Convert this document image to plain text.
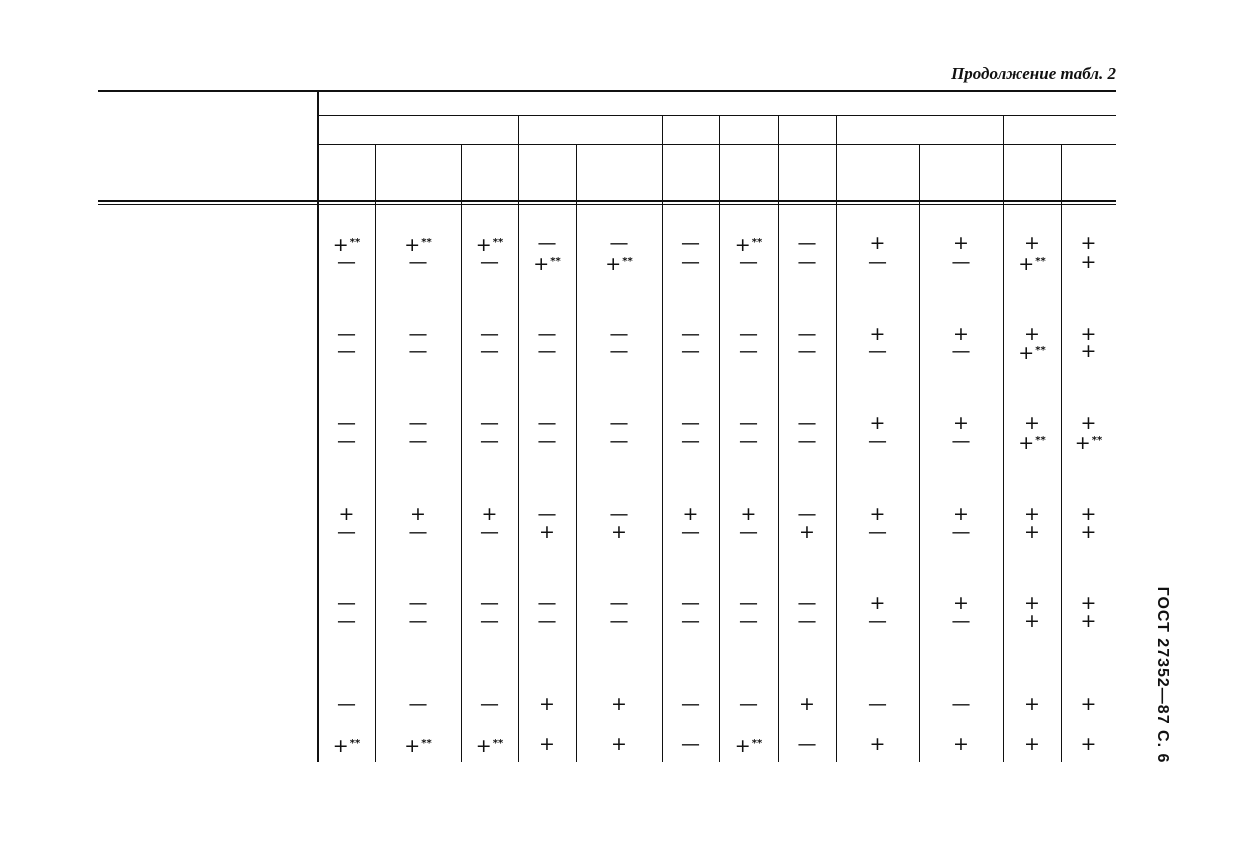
Продолжение табл. 2
ГОСТ 27352—87 С. 6
+**	+**	+**	—	—	—	+**	—	+	+	+	+
—	—	—	+**	+**	—	—	—	—	—	+**	+
—	—	—	—	—	—	—	—	+	+	+	+
—	—	—	—	—	—	—	—	—	—	+**	+
—	—	—	—	—	—	—	—	+	+	+	+
—	—	—	—	—	—	—	—	—	—	+**	+**
+	+	+	—	—	+	+	—	+	+	+	+
—	—	—	+	+	—	—	+	—	—	+	+
—	—	—	—	—	—	—	—	+	+	+	+
—	—	—	—	—	—	—	—	—	—	+	+
—	—	—	+	+	—	—	+	—	—	+	+
+**	+**	+**	+	+	—	+**	—	+	+	+	+
